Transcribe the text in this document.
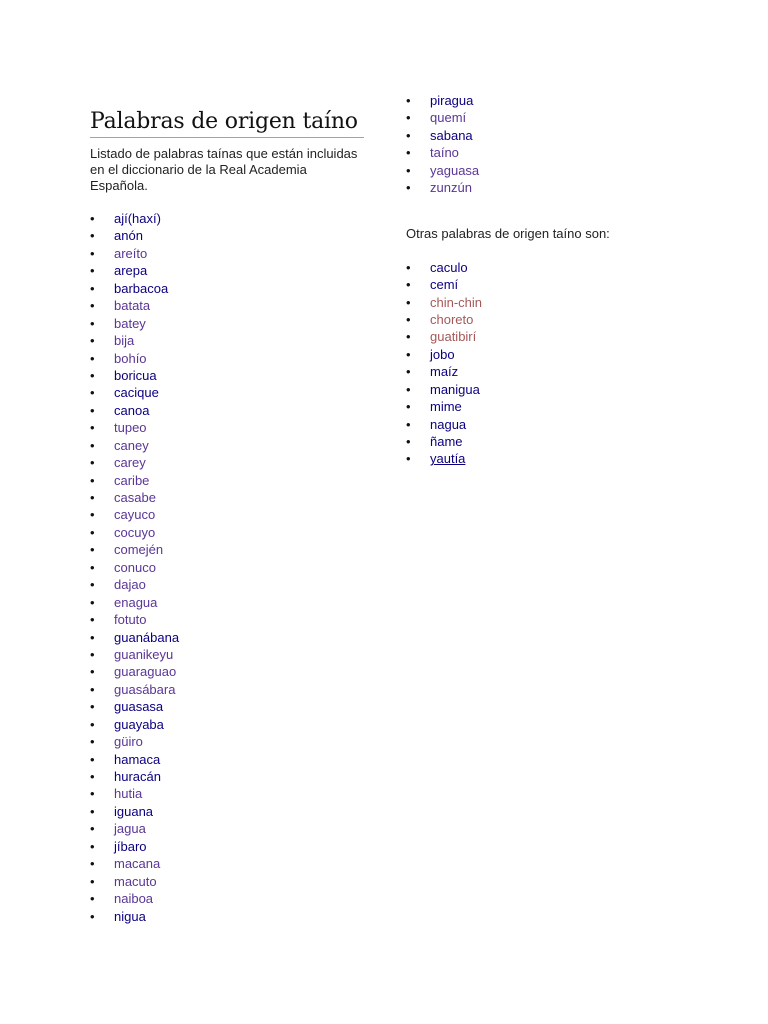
Palabras de origen taíno

Listado de palabras taínas que están incluidas en el diccionario de la Real Academia Española.

• ají(haxí)
• anón
• areíto
• arepa
• barbacoa
• batata
• batey
• bija
• bohío
• boricua
• cacique
• canoa
• tupeo
• caney
• carey
• caribe
• casabe
• cayuco
• cocuyo
• comején
• conuco
• dajao
• enagua
• fotuto
• guanábana
• guanikeyu
• guaraguao
• guasábara
• guasasa
• guayaba
• güiro
• hamaca
• huracán
• hutia
• iguana
• jagua
• jíbaro
• macana
• macuto
• naiboa
• nigua
• piragua
• quemí
• sabana
• taíno
• yaguasa
• zunzún

Otras palabras de origen taíno son:

• caculo
• cemí
• chin-chin
• choreto
• guatibirí
• jobo
• maíz
• manigua
• mime
• nagua
• ñame
• yautía
